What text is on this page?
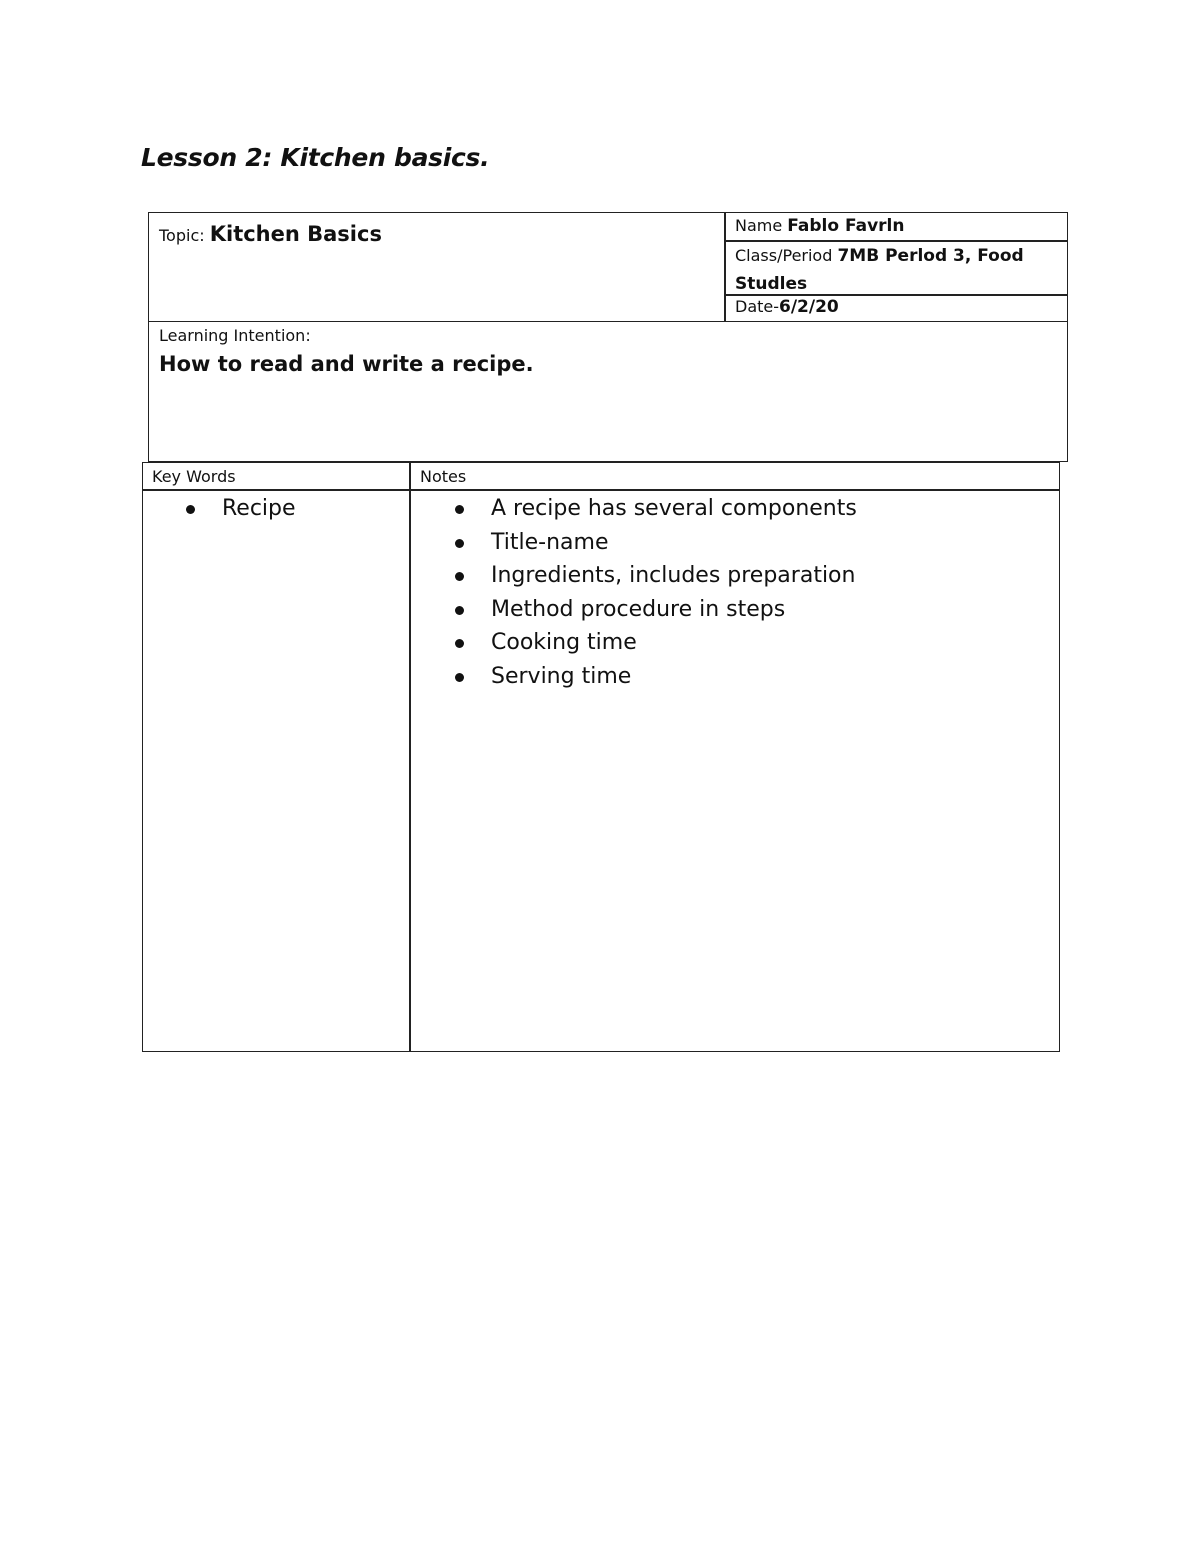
Lesson 2: Kitchen basics.
Topic: Kitchen Basics	Name Fablo Favrln
Class/Period 7MB Perlod 3, Food Studles
Date-6/2/20
Learning Intention:
How to read and write a recipe.
Key Words	Notes
Recipe	A recipe has several components
Title-name
Ingredients, includes preparation
Method procedure in steps
Cooking time
Serving time
